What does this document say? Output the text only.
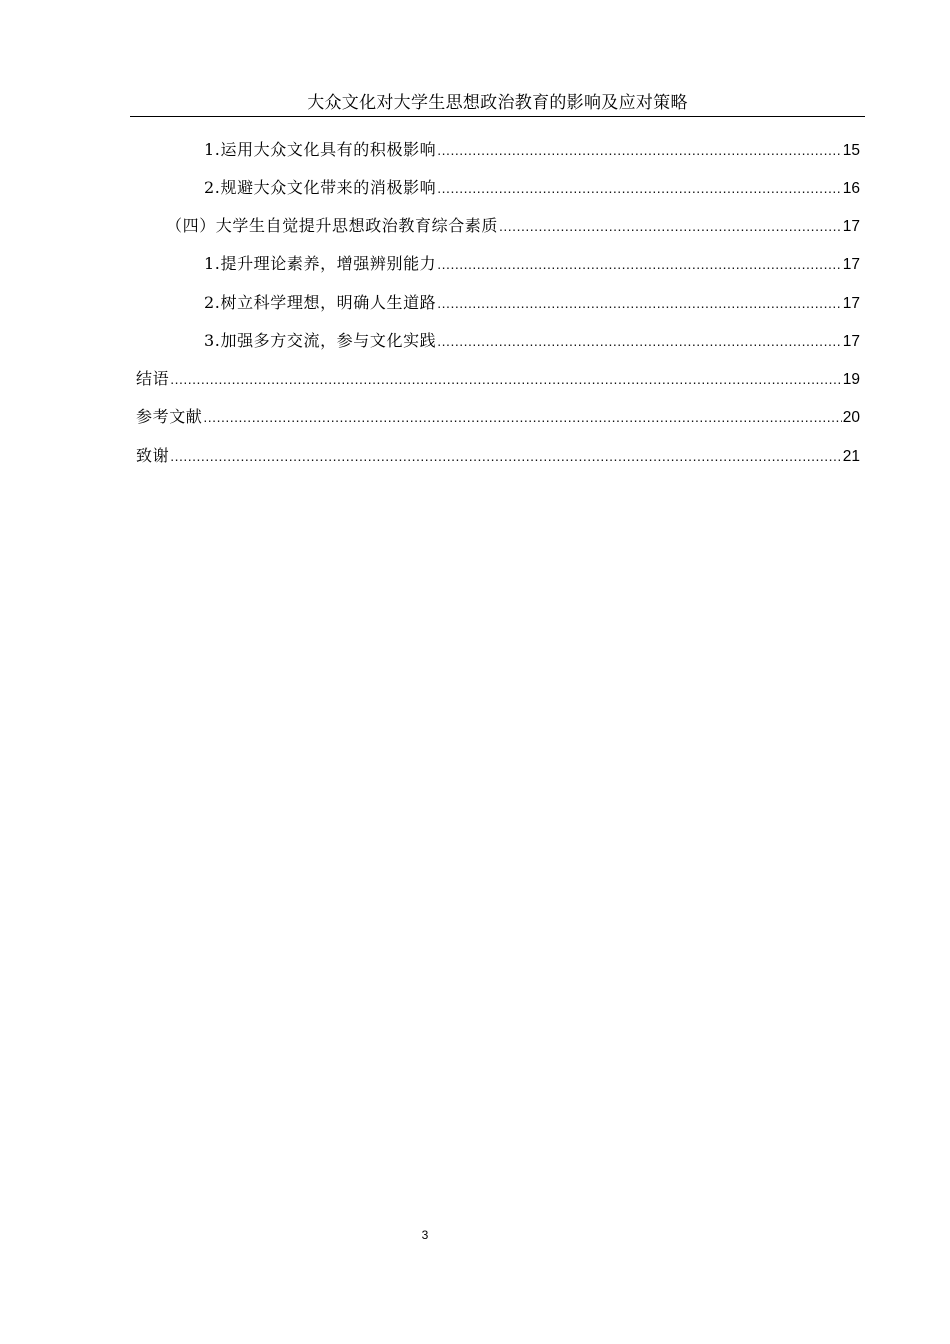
大众文化对大学生思想政治教育的影响及应对策略
1.运用大众文化具有的积极影响 .....	15
2.规避大众文化带来的消极影响 .....	16
（四）大学生自觉提升思想政治教育综合素质 .....	17
1.提升理论素养，增强辨别能力 .....	17
2.树立科学理想，明确人生道路 .....	17
3.加强多方交流，参与文化实践 .....	17
结语 .....	19
参考文献 .....	20
致谢 .....	21
3
